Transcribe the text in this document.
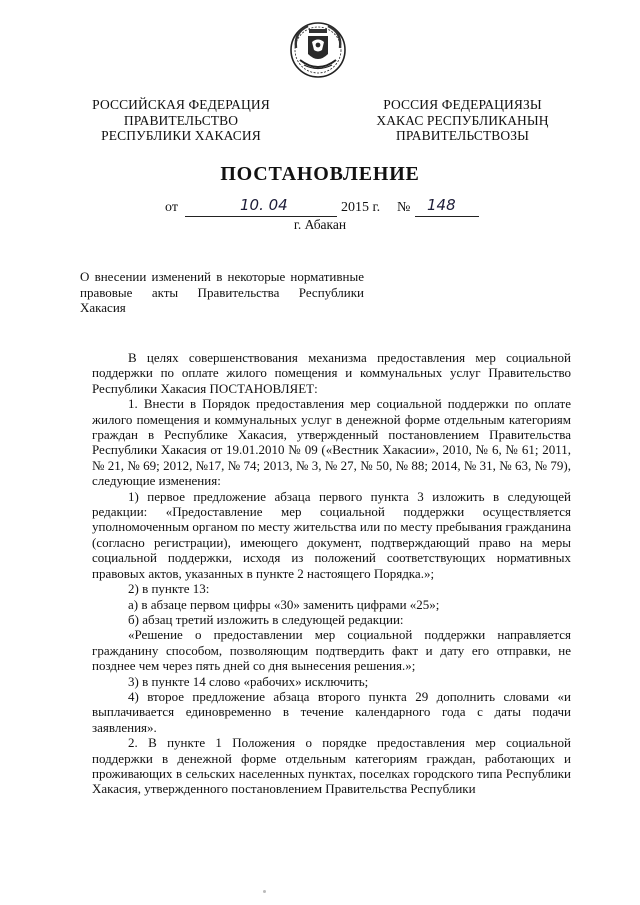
РОССИЙСКАЯ ФЕДЕРАЦИЯ
ПРАВИТЕЛЬСТВО
РЕСПУБЛИКИ ХАКАСИЯ
РОССИЯ ФЕДЕРАЦИЯЗЫ
ХАКАС РЕСПУБЛИКАНЫҢ
ПРАВИТЕЛЬСТВОЗЫ
ПОСТАНОВЛЕНИЕ
от	10. 04	2015 г. № 148
г. Абакан
О внесении изменений в некоторые нормативные правовые акты Правительства Республики Хакасия

В целях совершенствования механизма предоставления мер социальной поддержки по оплате жилого помещения и коммунальных услуг Правительство Республики Хакасия ПОСТАНОВЛЯЕТ:

1. Внести в Порядок предоставления мер социальной поддержки по оплате жилого помещения и коммунальных услуг в денежной форме отдельным категориям граждан в Республике Хакасия, утвержденный постановлением Правительства Республики Хакасия от 19.01.2010 № 09 («Вестник Хакасии», 2010, № 6, № 61; 2011, № 21, № 69; 2012, №17, № 74; 2013, № 3, № 27, № 50, № 88; 2014, № 31, № 63, № 79), следующие изменения:

1) первое предложение абзаца первого пункта 3 изложить в следующей редакции: «Предоставление мер социальной поддержки осуществляется уполномоченным органом по месту жительства или по месту пребывания гражданина (согласно регистрации), имеющего документ, подтверждающий право на меры социальной поддержки, исходя из положений соответствующих нормативных правовых актов, указанных в пункте 2 настоящего Порядка.»;

2) в пункте 13:

а) в абзаце первом цифры «30» заменить цифрами «25»;

б) абзац третий изложить в следующей редакции:

«Решение о предоставлении мер социальной поддержки направляется гражданину способом, позволяющим подтвердить факт и дату его отправки, не позднее чем через пять дней со дня вынесения решения.»;

3) в пункте 14 слово «рабочих» исключить;

4) второе предложение абзаца второго пункта 29 дополнить словами «и выплачивается единовременно в течение календарного года с даты подачи заявления».

2. В пункте 1 Положения о порядке предоставления мер социальной поддержки в денежной форме отдельным категориям граждан, работающих и проживающих в сельских населенных пунктах, поселках городского типа Республики Хакасия, утвержденного постановлением Правительства Республики
